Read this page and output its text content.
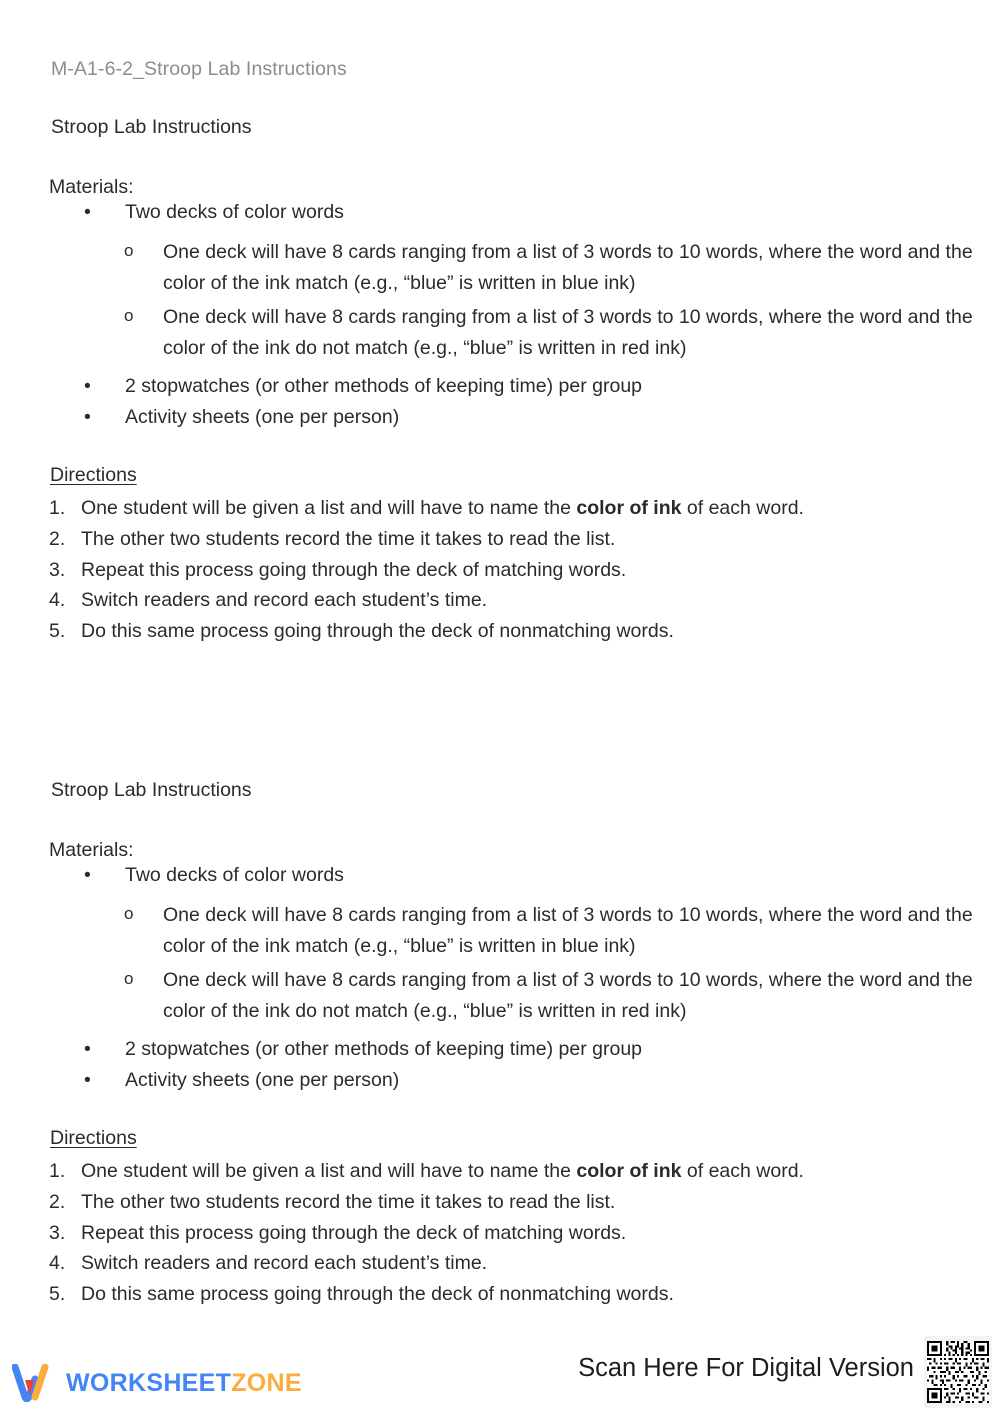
M-A1-6-2_Stroop Lab Instructions
Stroop Lab Instructions
Materials:
• Two decks of color words
o One deck will have 8 cards ranging from a list of 3 words to 10 words, where the word and the color of the ink match (e.g., “blue” is written in blue ink)
o One deck will have 8 cards ranging from a list of 3 words to 10 words, where the word and the color of the ink do not match (e.g., “blue” is written in red ink)
• 2 stopwatches (or other methods of keeping time) per group
• Activity sheets (one per person)
Directions
1. One student will be given a list and will have to name the color of ink of each word.
2. The other two students record the time it takes to read the list.
3. Repeat this process going through the deck of matching words.
4. Switch readers and record each student’s time.
5. Do this same process going through the deck of nonmatching words.
Stroop Lab Instructions
Materials:
• Two decks of color words
o One deck will have 8 cards ranging from a list of 3 words to 10 words, where the word and the color of the ink match (e.g., “blue” is written in blue ink)
o One deck will have 8 cards ranging from a list of 3 words to 10 words, where the word and the color of the ink do not match (e.g., “blue” is written in red ink)
• 2 stopwatches (or other methods of keeping time) per group
• Activity sheets (one per person)
Directions
1. One student will be given a list and will have to name the color of ink of each word.
2. The other two students record the time it takes to read the list.
3. Repeat this process going through the deck of matching words.
4. Switch readers and record each student’s time.
5. Do this same process going through the deck of nonmatching words.
WORKSHEETZONE
Scan Here For Digital Version
